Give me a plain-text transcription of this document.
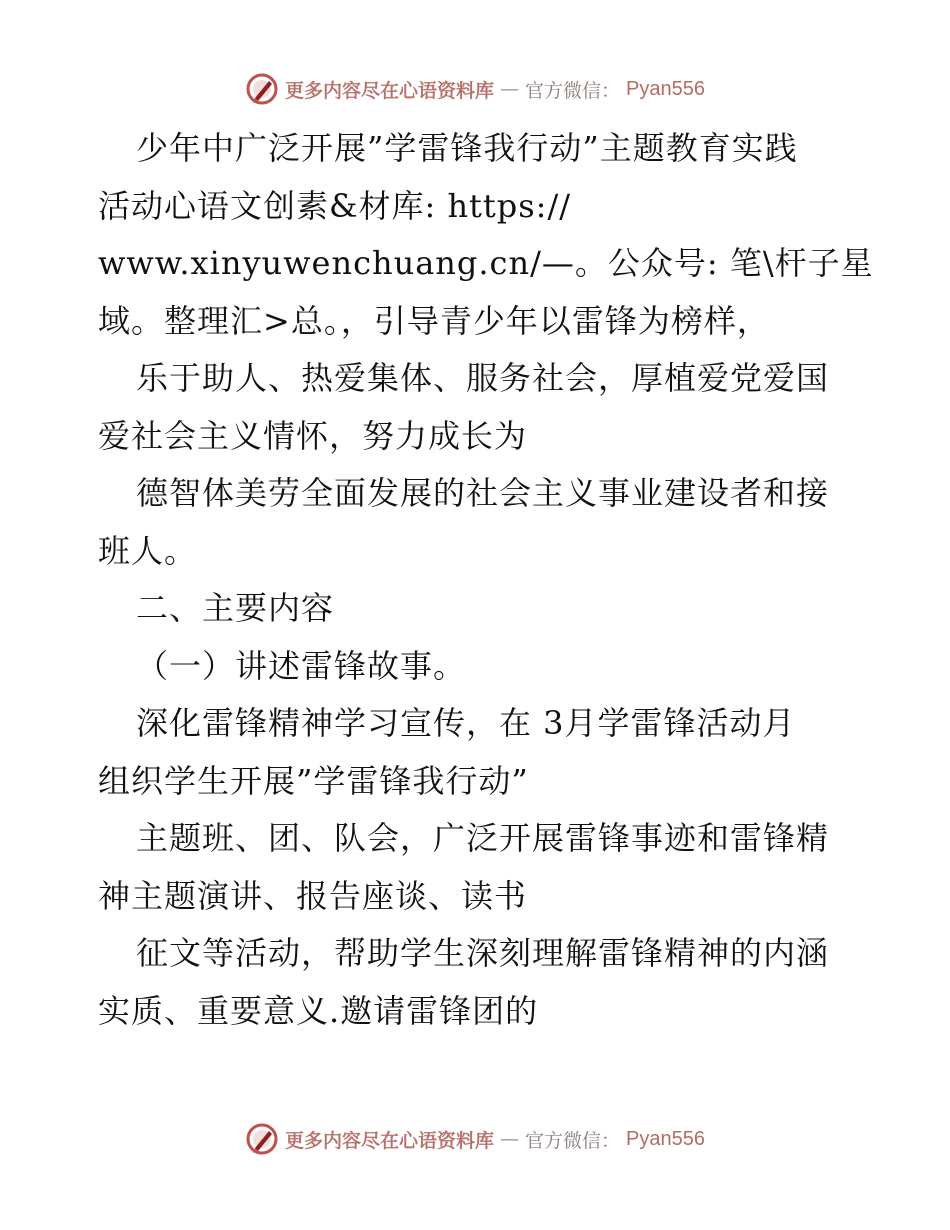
更多内容尽在心语资料库 — 官方微信： Pyan556
少年中广泛开展”学雷锋我行动”主题教育实践
活动心语文创素&材库: https://
www.xinyuwenchuang.cn/—。公众号: 笔\杆子星
域。整理汇>总。，引导青少年以雷锋为榜样，
乐于助人、热爱集体、服务社会，厚植爱党爱国
爱社会主义情怀，努力成长为
德智体美劳全面发展的社会主义事业建设者和接
班人。
二、主要内容
（一）讲述雷锋故事。
深化雷锋精神学习宣传，在 3月学雷锋活动月
组织学生开展”学雷锋我行动”
主题班、团、队会，广泛开展雷锋事迹和雷锋精
神主题演讲、报告座谈、读书
征文等活动，帮助学生深刻理解雷锋精神的内涵
实质、重要意义.邀请雷锋团的
更多内容尽在心语资料库 — 官方微信： Pyan556
